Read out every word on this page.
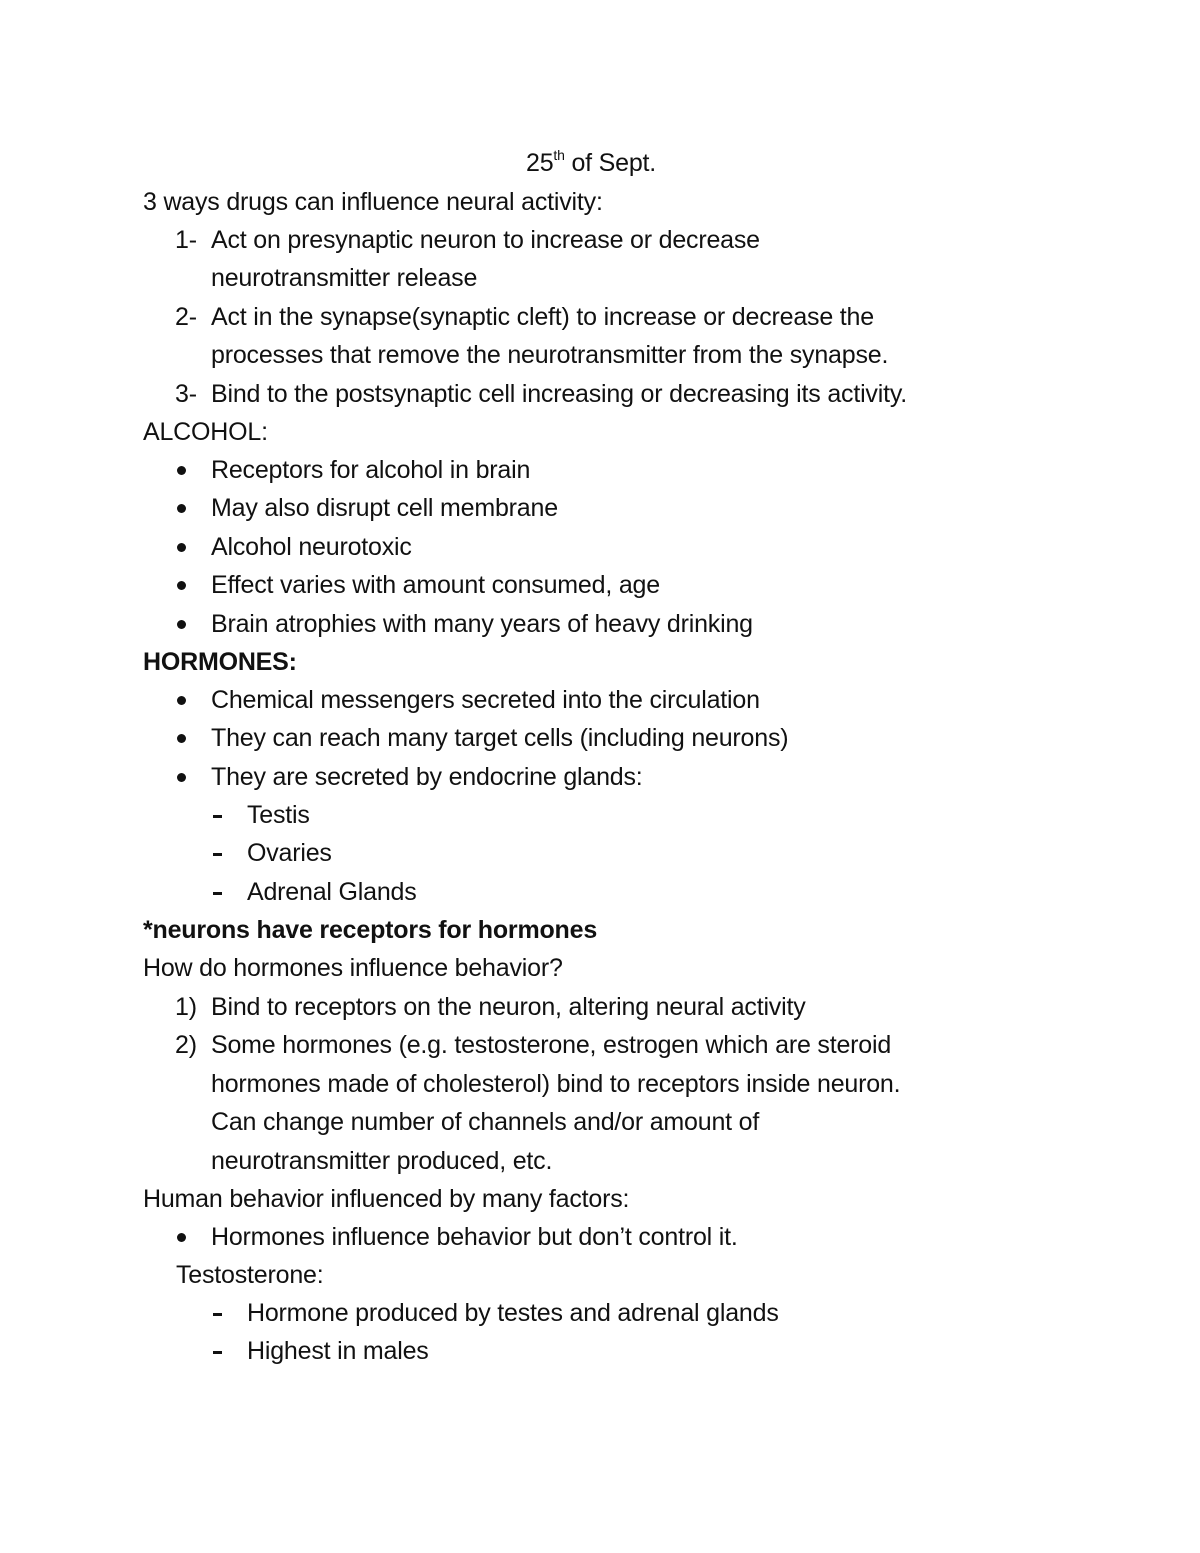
25th of Sept.
3 ways drugs can influence neural activity:
1- Act on presynaptic neuron to increase or decrease
neurotransmitter release
2- Act in the synapse(synaptic cleft) to increase or decrease the
processes that remove the neurotransmitter from the synapse.
3- Bind to the postsynaptic cell increasing or decreasing its activity.
ALCOHOL:
Receptors for alcohol in brain
May also disrupt cell membrane
Alcohol neurotoxic
Effect varies with amount consumed, age
Brain atrophies with many years of heavy drinking
HORMONES:
Chemical messengers secreted into the circulation
They can reach many target cells (including neurons)
They are secreted by endocrine glands:
Testis
Ovaries
Adrenal Glands
*neurons have receptors for hormones
How do hormones influence behavior?
1) Bind to receptors on the neuron, altering neural activity
2) Some hormones (e.g. testosterone, estrogen which are steroid
hormones made of cholesterol) bind to receptors inside neuron.
Can change number of channels and/or amount of
neurotransmitter produced, etc.
Human behavior influenced by many factors:
Hormones influence behavior but don’t control it.
Testosterone:
Hormone produced by testes and adrenal glands
Highest in males
